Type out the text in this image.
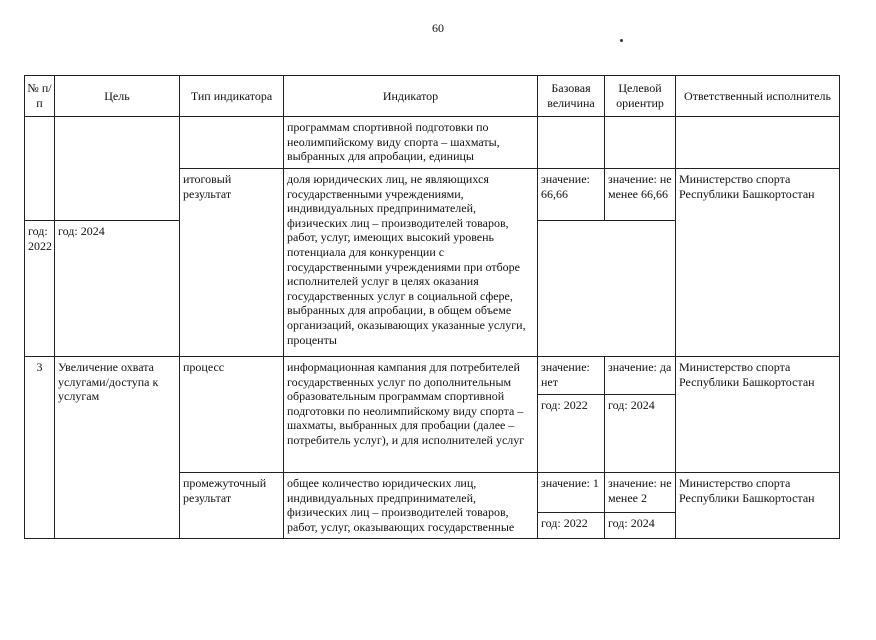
60
№ п/п	Цель	Тип индикатора	Индикатор	Базовая величина	Целевой ориентир	Ответственный исполнитель
			программам спортивной подготовки по неолимпийскому виду спорта – шахматы, выбранных для апробации, единицы			
		итоговый результат	доля юридических лиц, не являющихся государственными учреждениями, индивидуальных предпринимателей, физических лиц – производителей товаров, работ, услуг, имеющих высокий уровень потенциала для конкуренции с государственными учреждениями при отборе исполнителей услуг в целях оказания государственных услуг в социальной сфере, выбранных для апробации, в общем объеме организаций, оказывающих указанные услуги, проценты	значение: 66,66	значение: не менее 66,66	Министерство спорта Республики Башкортостан
год: 2022	год: 2024					
3	Увеличение охвата услугами/доступа к услугам	процесс	информационная кампания для потребителей государственных услуг по дополнительным образовательным программам спортивной подготовки по неолимпийскому виду спорта – шахматы, выбранных для пробации (далее – потребитель услуг), и для исполнителей услуг	значение: нет	значение: да	Министерство спорта Республики Башкортостан
				год: 2022	год: 2024	
		промежуточный результат	общее количество юридических лиц, индивидуальных предпринимателей, физических лиц – производителей товаров, работ, услуг, оказывающих государственные	значение: 1	значение: не менее 2	Министерство спорта Республики Башкортостан
				год: 2022	год: 2024	
